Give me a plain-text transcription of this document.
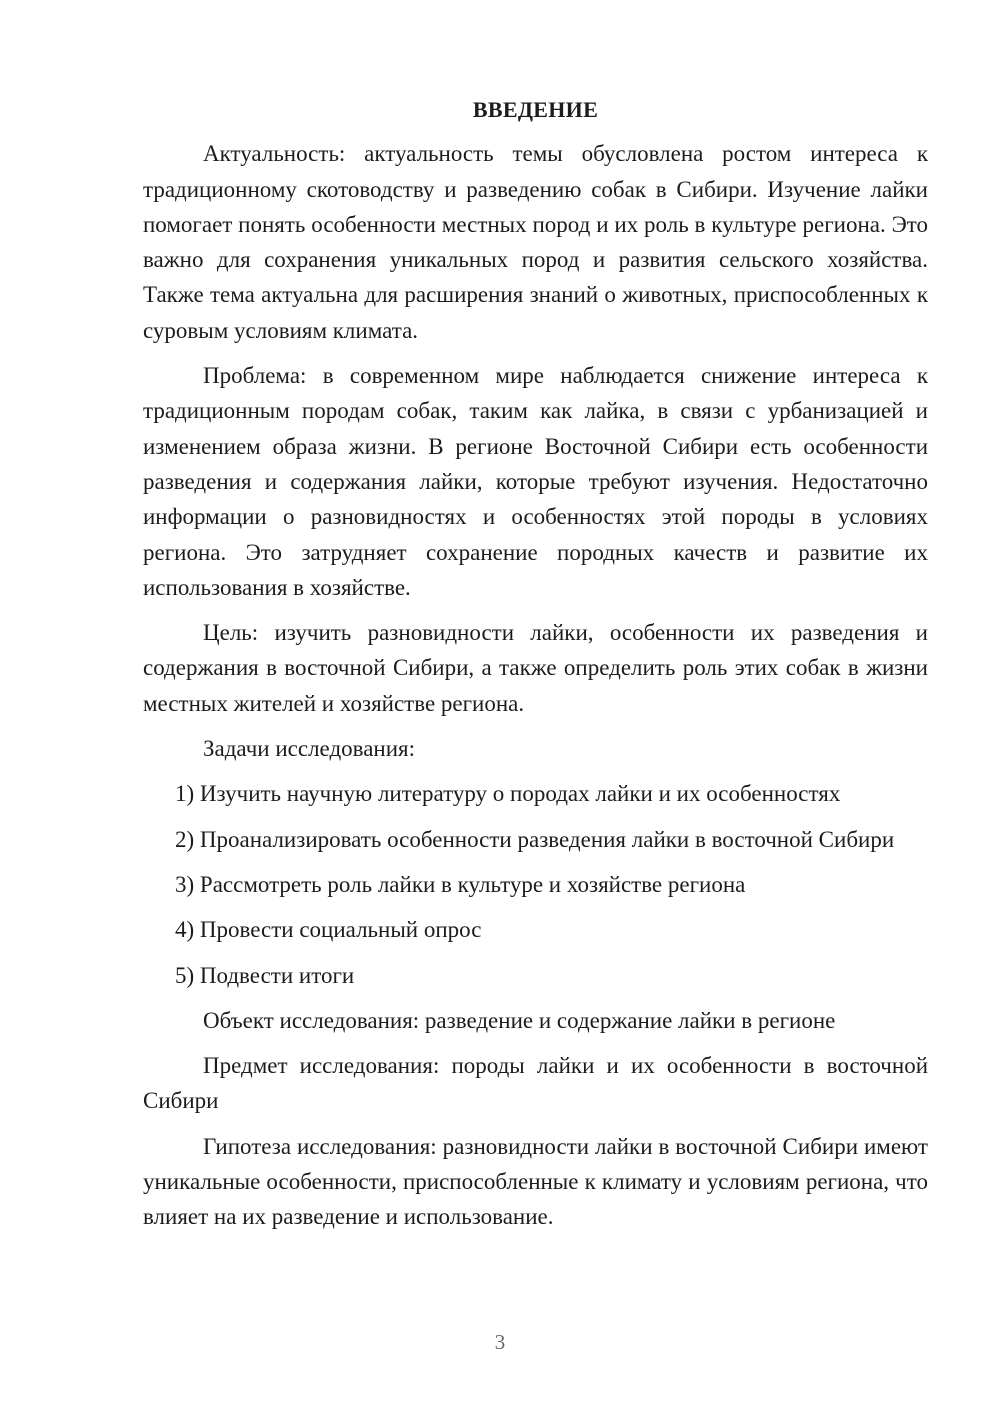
ВВЕДЕНИЕ

Актуальность: актуальность темы обусловлена ростом интереса к традиционному скотоводству и разведению собак в Сибири. Изучение лайки помогает понять особенности местных пород и их роль в культуре региона. Это важно для сохранения уникальных пород и развития сельского хозяйства. Также тема актуальна для расширения знаний о животных, приспособленных к суровым условиям климата.

Проблема: в современном мире наблюдается снижение интереса к традиционным породам собак, таким как лайка, в связи с урбанизацией и изменением образа жизни. В регионе Восточной Сибири есть особенности разведения и содержания лайки, которые требуют изучения. Недостаточно информации о разновидностях и особенностях этой породы в условиях региона. Это затрудняет сохранение породных качеств и развитие их использования в хозяйстве.

Цель: изучить разновидности лайки, особенности их разведения и содержания в восточной Сибири, а также определить роль этих собак в жизни местных жителей и хозяйстве региона.

Задачи исследования:

1) Изучить научную литературу о породах лайки и их особенностях

2) Проанализировать особенности разведения лайки в восточной Сибири

3) Рассмотреть роль лайки в культуре и хозяйстве региона

4) Провести социальный опрос

5) Подвести итоги

Объект исследования: разведение и содержание лайки в регионе

Предмет исследования: породы лайки и их особенности в восточной Сибири

Гипотеза исследования: разновидности лайки в восточной Сибири имеют уникальные особенности, приспособленные к климату и условиям региона, что влияет на их разведение и использование.

3
